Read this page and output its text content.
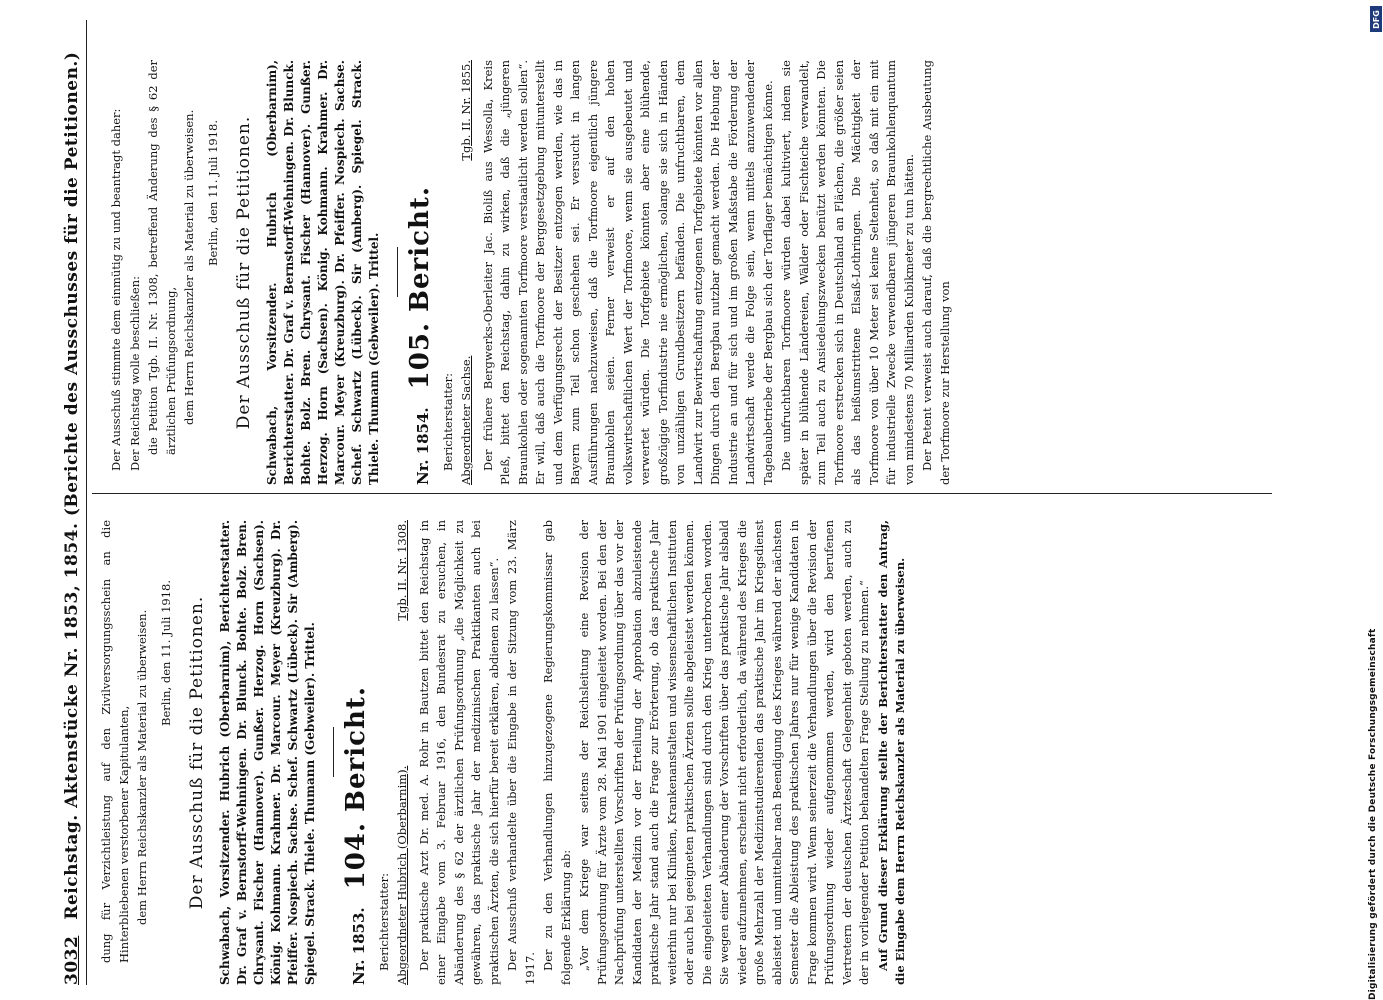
3032
Reichstag. Aktenstücke Nr. 1853, 1854. (Berichte des Ausschusses für die Petitionen.) dung für Verzichtleistung auf den Zivilversorgungsschein an die Hinterbliebenen verstorbener Kapitulanten, dem Herrn Reichskanzler als Material zu überweisen. Berlin, den 11. Juli 1918. Der Ausschuß für die Petitionen. Schwabach, Vorsitzender. Hubrich (Oberbarnim), Berichterstatter. Dr. Graf v. Bernstorff-Wehningen. Dr. Blunck. Bohte. Bolz. Bren. Chrysant. Fischer (Hannover). Gunßer. Herzog. Horn (Sachsen). König. Kohmann. Krahmer. Dr. Marcour. Meyer (Kreuzburg). Dr. Pfeiffer. Nospiech. Sachse. Schef. Schwartz (Lübeck). Sir (Amberg). Spiegel. Strack. Thiele. Thumann (Gebweiler). Trittel. Nr. 1853.
104. Bericht.

Berichterstatter: Abgeordneter Hubrich (Oberbarnim).
Tgb. II. Nr. 1308. Der praktische Arzt Dr. med. A. Rohr in Bautzen bittet den Reichstag in einer Eingabe vom 3. Februar 1916, den Bundesrat zu ersuchen, in Abänderung des § 62 der ärztlichen Prüfungsordnung „die Möglichkeit zu gewähren, das praktische Jahr der medizinischen Praktikanten auch bei praktischen Ärzten, die sich hierfür bereit erklären, abdienen zu lassen“. Der Ausschuß verhandelte über die Eingabe in der Sitzung vom 23. März 1917. Der zu den Verhandlungen hinzugezogene Regierungskommissar gab folgende Erklärung ab: „Vor dem Kriege war seitens der Reichsleitung eine Revision der Prüfungsordnung für Ärzte vom 28. Mai 1901 eingeleitet worden. Bei den der Nachprüfung unterstellten Vorschriften der Prüfungsordnung über das vor der Kandidaten der Medizin vor der Erteilung der Approbation abzuleistende praktische Jahr stand auch die Frage zur Erörterung, ob das praktische Jahr weiterhin nur bei Kliniken, Krankenanstalten und wissenschaftlichen Instituten oder auch bei geeigneten praktischen Ärzten sollte abgeleistet werden können. Die eingeleiteten Verhandlungen sind durch den Krieg unterbrochen worden. Sie wegen einer Abänderung der Vorschriften über das praktische Jahr alsbald wieder aufzunehmen, erscheint nicht erforderlich, da während des Krieges die große Mehrzahl der Medizinstudierenden das praktische Jahr im Kriegsdienst ableistet und unmittelbar nach Beendigung des Krieges während der nächsten Semester die Ableistung des praktischen Jahres nur für wenige Kandidaten in Frage kommen wird. Wenn seinerzeit die Verhandlungen über die Revision der Prüfungsordnung wieder aufgenommen werden, wird den berufenen Vertretern der deutschen Ärzteschaft Gelegenheit geboten werden, auch zu der in vorliegender Petition behandelten Frage Stellung zu nehmen.“ Auf Grund dieser Erklärung stellte der Berichterstatter den Antrag, die Eingabe dem Herrn Reichskanzler als Material zu überweisen.

Der Ausschuß stimmte dem einmütig zu und beantragt daher: Der Reichstag wolle beschließen: die Petition Tgb. II. Nr. 1308, betreffend Änderung des § 62 der ärztlichen Prüfungsordnung, dem Herrn Reichskanzler als Material zu überweisen. Berlin, den 11. Juli 1918. Der Ausschuß für die Petitionen. Schwabach, Vorsitzender. Hubrich (Oberbarnim), Berichterstatter. Dr. Graf v. Bernstorff-Wehningen. Dr. Blunck. Bohte. Bolz. Bren. Chrysant. Fischer (Hannover). Gunßer. Herzog. Horn (Sachsen). König. Kohmann. Krahmer. Dr. Marcour. Meyer (Kreuzburg). Dr. Pfeiffer. Nospiech. Sachse. Schef. Schwartz (Lübeck). Sir (Amberg). Spiegel. Strack. Thiele. Thumann (Gebweiler). Trittel. Nr. 1854.
105. Bericht.

Berichterstatter: Abgeordneter Sachse.
Tgb. II. Nr. 1855. Der frühere Bergwerks-Oberleiter Jac. Bioliß aus Wessolla, Kreis Pleß, bittet den Reichstag, dahin zu wirken, daß die „jüngeren Braunkohlen oder sogenannten Torfmoore verstaatlicht werden sollen“. Er will, daß auch die Torfmoore der Berggesetzgebung mitunterstellt und dem Verfügungsrecht der Besitzer entzogen werden, wie das in Bayern zum Teil schon geschehen sei. Er versucht in langen Ausführungen nachzuweisen, daß die Torfmoore eigentlich jüngere Braunkohlen seien. Ferner verweist er auf den hohen volkswirtschaftlichen Wert der Torfmoore, wenn sie ausgebeutet und verwertet würden. Die Torfgebiete könnten aber eine blühende, großzügige Torfindustrie nie ermöglichen, solange sie sich in Händen von unzähligen Grundbesitzern befänden. Die unfruchtbaren, dem Landwirt zur Bewirtschaftung entzogenen Torfgebiete könnten vor allen Dingen durch den Bergbau nutzbar gemacht werden. Die Hebung der Industrie an und für sich und im großen Maßstabe die Förderung der Landwirtschaft werde die Folge sein, wenn mittels anzuwendender Tagebaubetriebe der Bergbau sich der Torflager bemächtigen könne. Die unfruchtbaren Torfmoore würden dabei kultiviert, indem sie später in blühende Ländereien, Wälder oder Fischteiche verwandelt, zum Teil auch zu Ansiedelungszwecken benützt werden könnten. Die Torfmoore erstrecken sich in Deutschland an Flächen, die größer seien als das heißumstrittene Elsaß-Lothringen. Die Mächtigkeit der Torfmoore von über 10 Meter sei keine Seltenheit, so daß mit ein mit für industrielle Zwecke verwendbaren jüngeren Braunkohlenquantum von mindestens 70 Milliarden Kubikmeter zu tun hätten. Der Petent verweist auch darauf, daß die bergrechtliche Ausbeutung der Torfmoore zur Herstellung von

Digitalisierung gefördert durch die Deutsche Forschungsgemeinschaft
DFG
